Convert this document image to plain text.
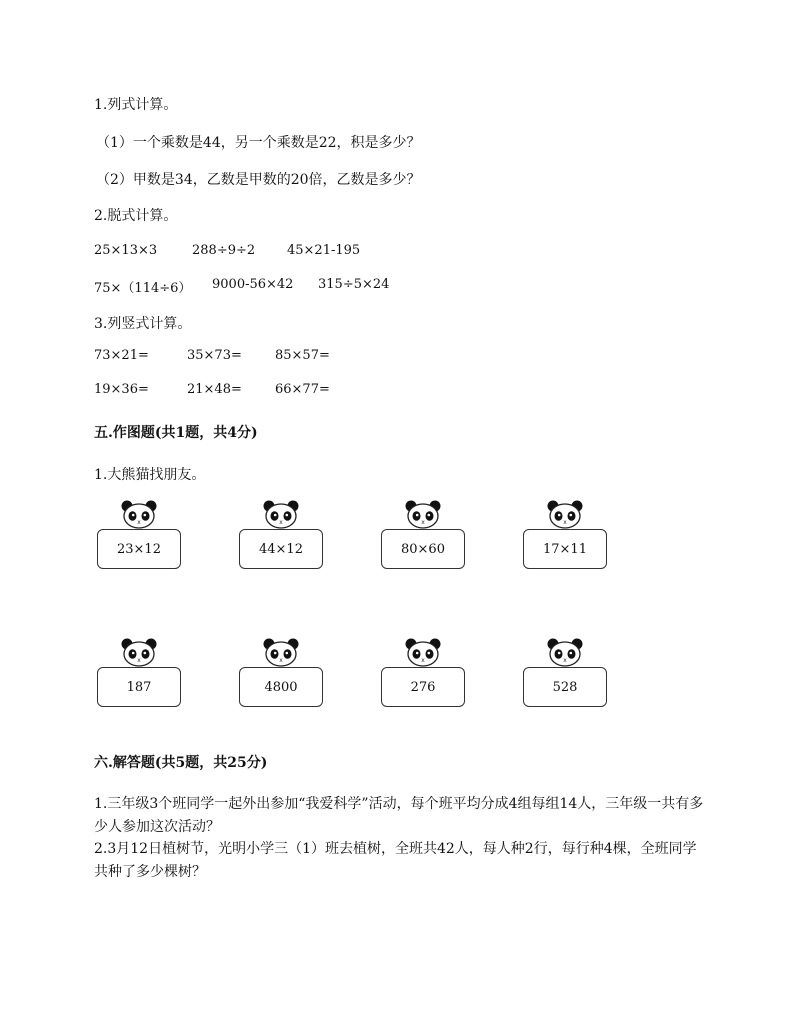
1.列式计算。
（1）一个乘数是44，另一个乘数是22，积是多少？
（2）甲数是34，乙数是甲数的20倍，乙数是多少？
2.脱式计算。
25×13×3	288÷9÷2 45×21-195
75×（114÷6） 9000-56×42 315÷5×24
3.列竖式计算。
73×21=	35×73=	85×57=
19×36=	21×48=	66×77=
五.作图题(共1题，共4分)
1.大熊猫找朋友。
23×12	44×12	80×60	17×11
187	4800	276	528
六.解答题(共5题，共25分)
1.三年级3个班同学一起外出参加“我爱科学”活动，每个班平均分成4组每组14人，三年级一共有多少人参加这次活动？
2.3月12日植树节，光明小学三（1）班去植树，全班共42人，每人种2行，每行种4棵，全班同学共种了多少棵树？
